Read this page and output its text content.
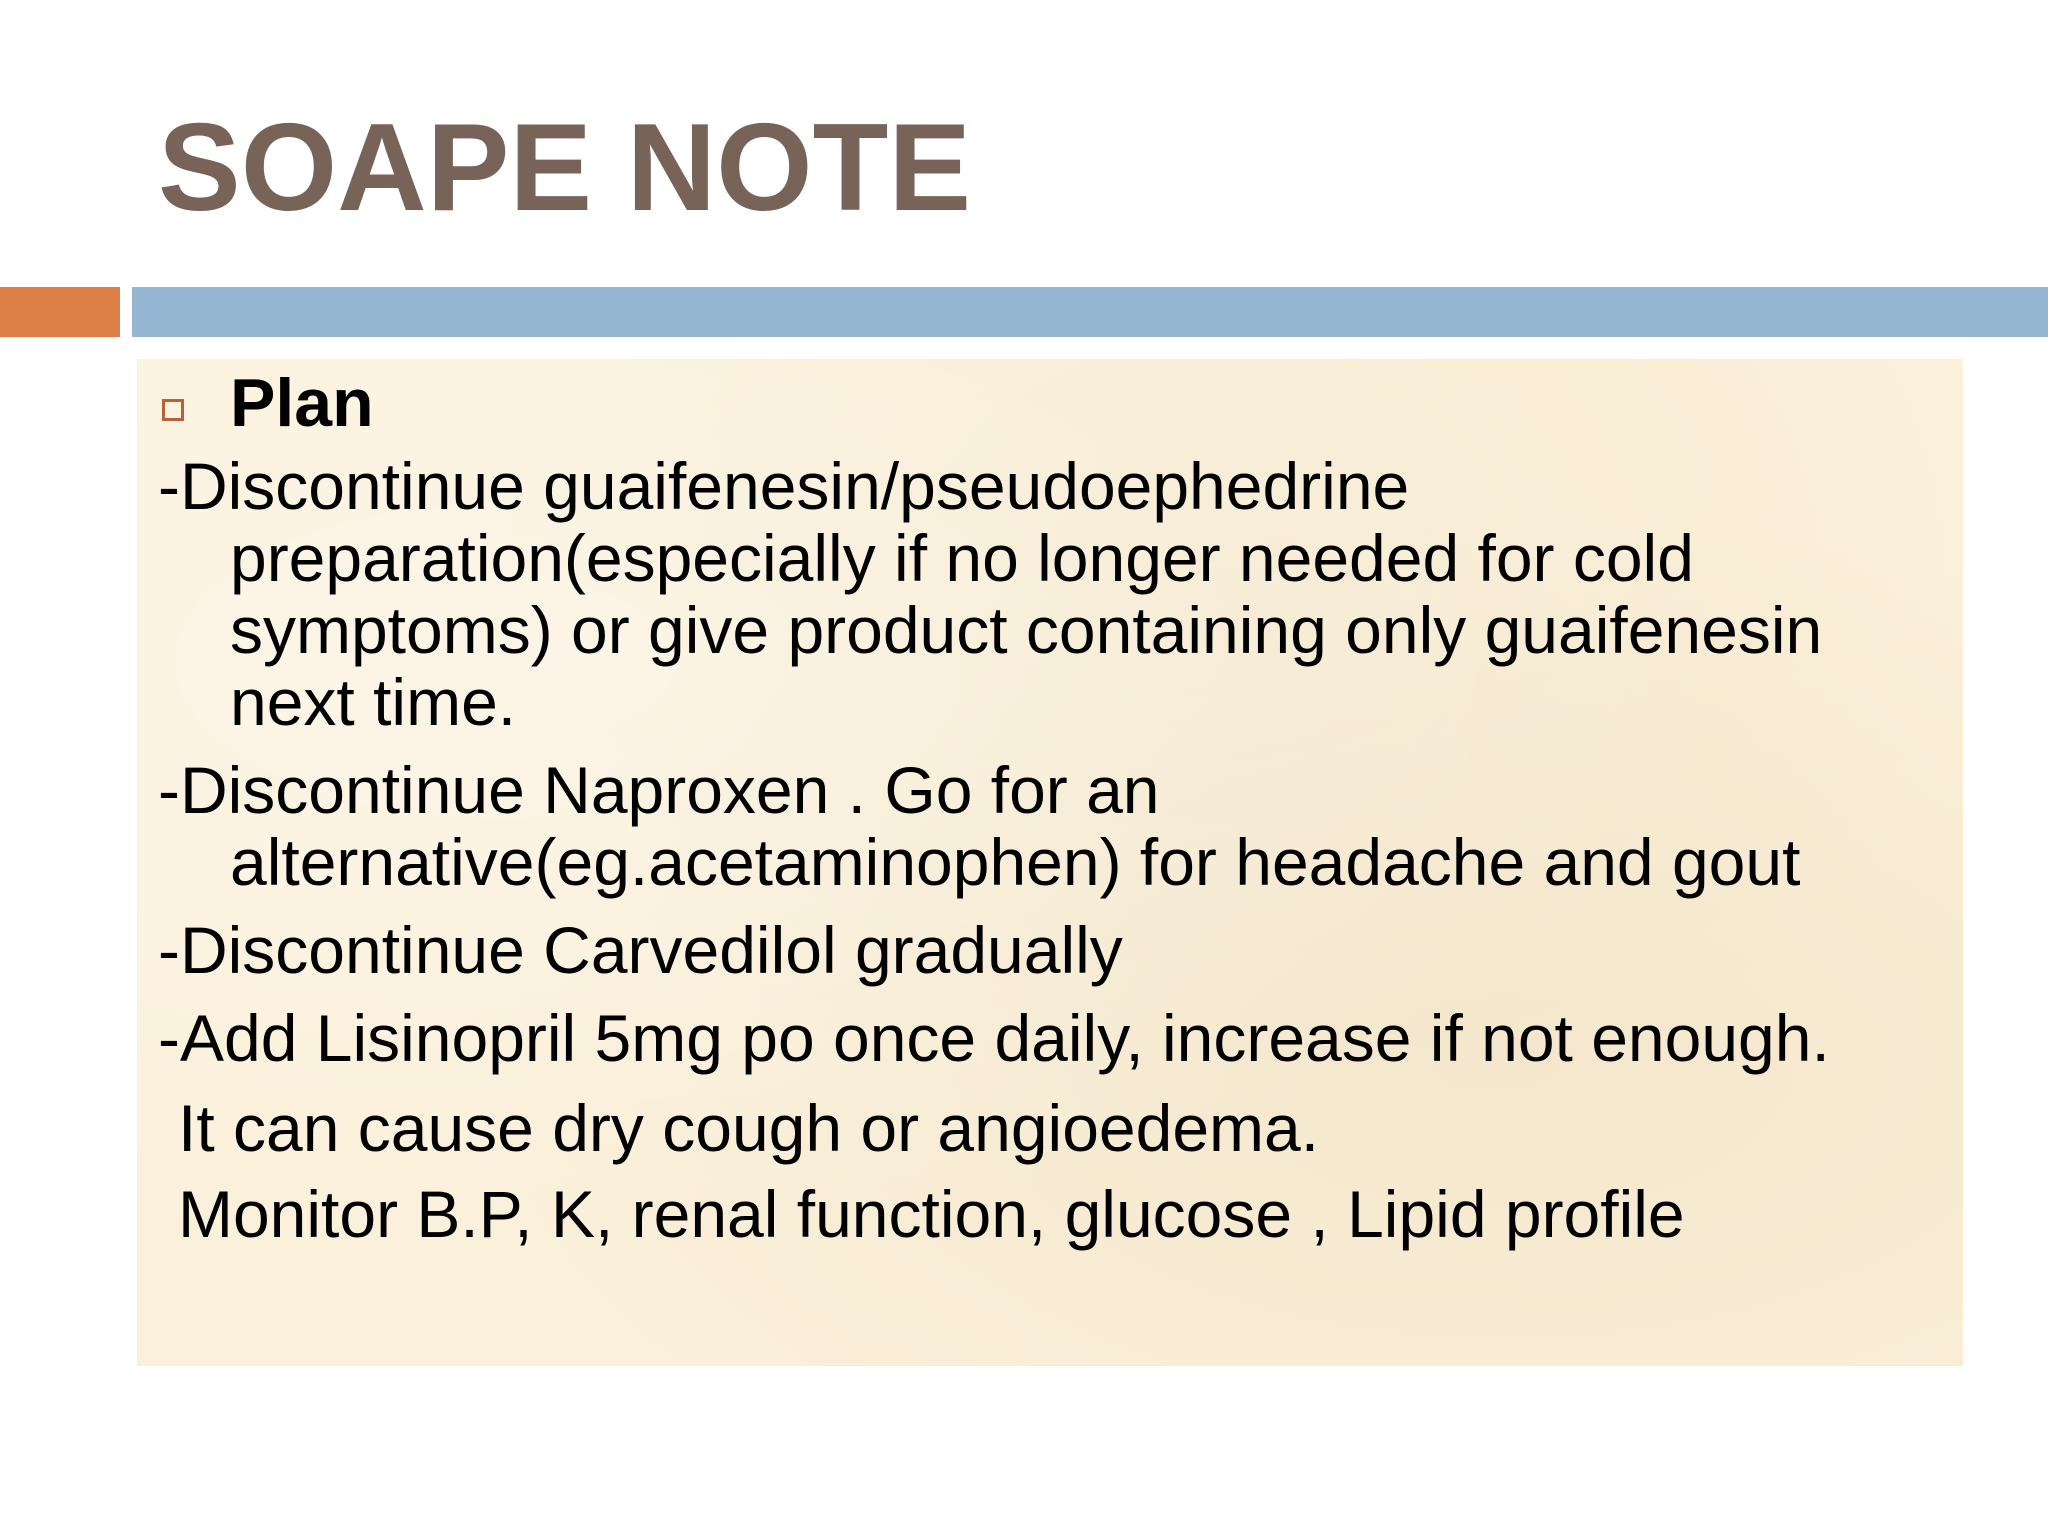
SOAPE NOTE
Plan
-Discontinue guaifenesin/pseudoephedrine preparation(especially if no longer needed for cold symptoms) or give product containing only guaifenesin next time.
-Discontinue Naproxen . Go for an alternative(eg.acetaminophen) for headache and gout
-Discontinue Carvedilol gradually
-Add Lisinopril 5mg po once daily, increase if not enough.
It can cause dry cough or angioedema.
Monitor B.P, K, renal function, glucose , Lipid profile
